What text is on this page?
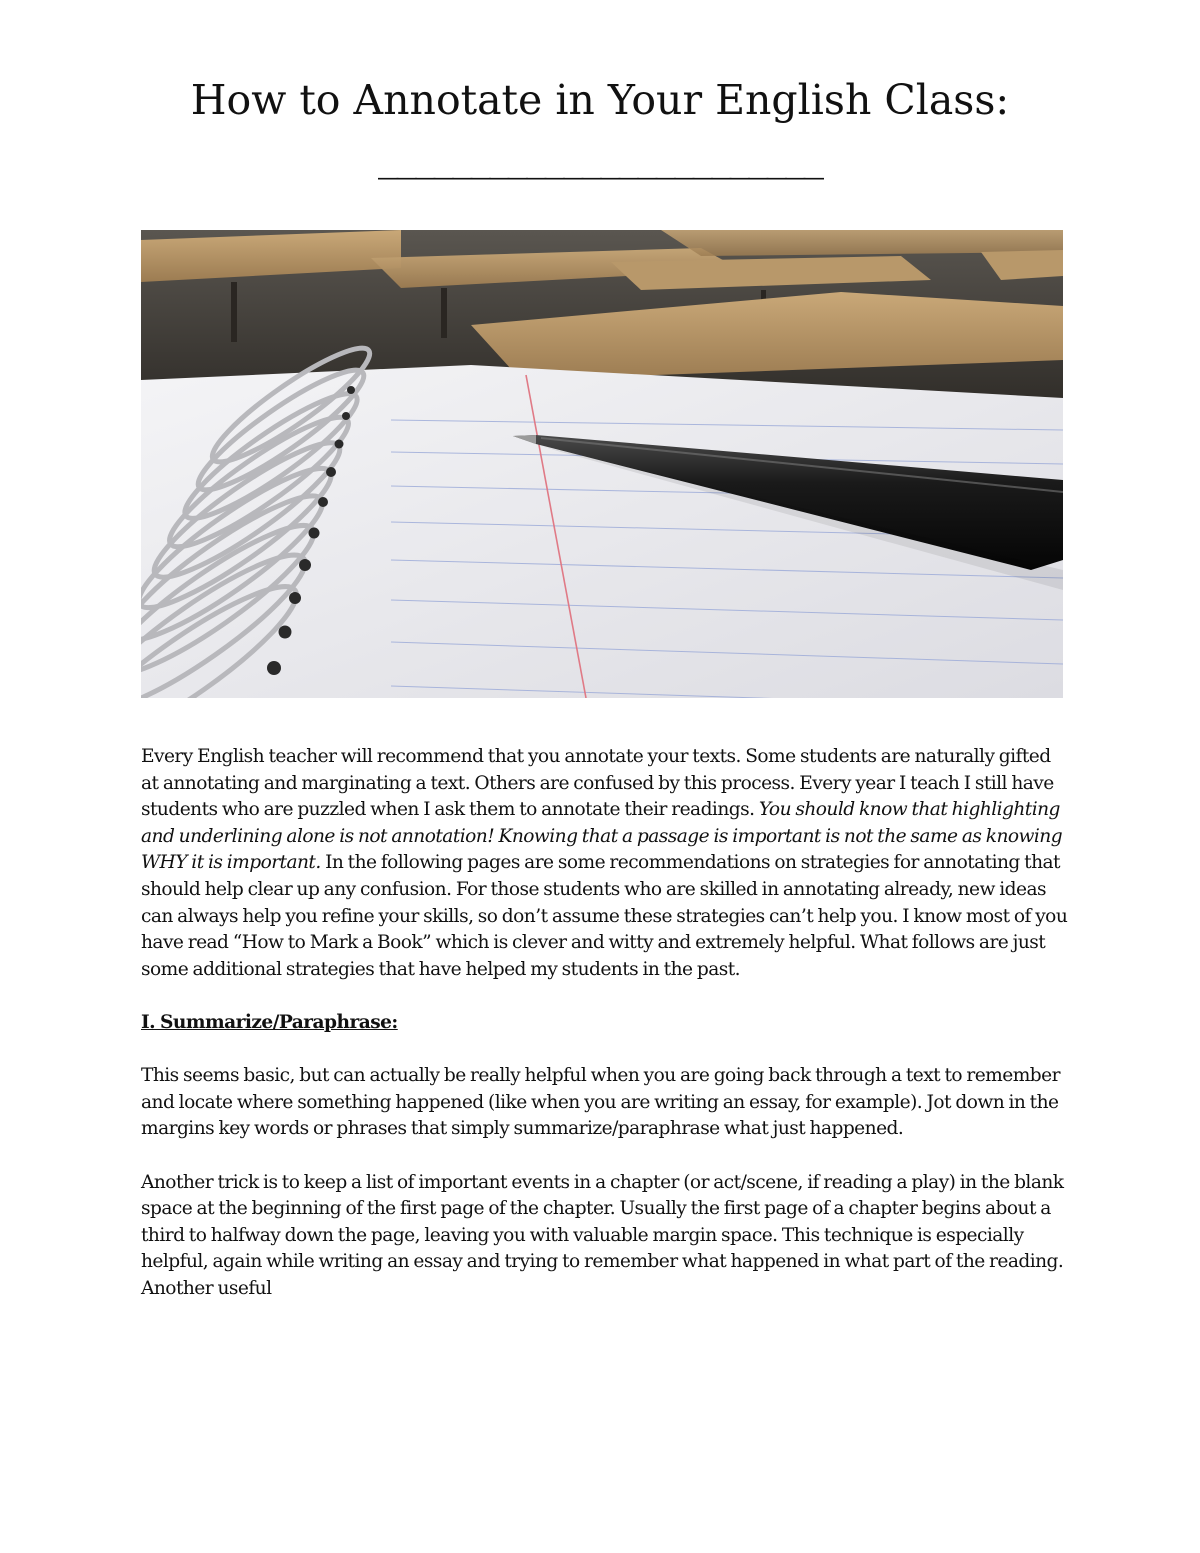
How to Annotate in Your English Class:
________________________

Every English teacher will recommend that you annotate your texts. Some students are naturally gifted at annotating and marginating a text. Others are confused by this process. Every year I teach I still have students who are puzzled when I ask them to annotate their readings. You should know that highlighting and underlining alone is not annotation! Knowing that a passage is important is not the same as knowing WHY it is important. In the following pages are some recommendations on strategies for annotating that should help clear up any confusion. For those students who are skilled in annotating already, new ideas can always help you refine your skills, so don’t assume these strategies can’t help you. I know most of you have read “How to Mark a Book” which is clever and witty and extremely helpful. What follows are just some additional strategies that have helped my students in the past.

I. Summarize/Paraphrase:

This seems basic, but can actually be really helpful when you are going back through a text to remember and locate where something happened (like when you are writing an essay, for example). Jot down in the margins key words or phrases that simply summarize/paraphrase what just happened.

Another trick is to keep a list of important events in a chapter (or act/scene, if reading a play) in the blank space at the beginning of the first page of the chapter. Usually the first page of a chapter begins about a third to halfway down the page, leaving you with valuable margin space. This technique is especially helpful, again while writing an essay and trying to remember what happened in what part of the reading. Another useful
